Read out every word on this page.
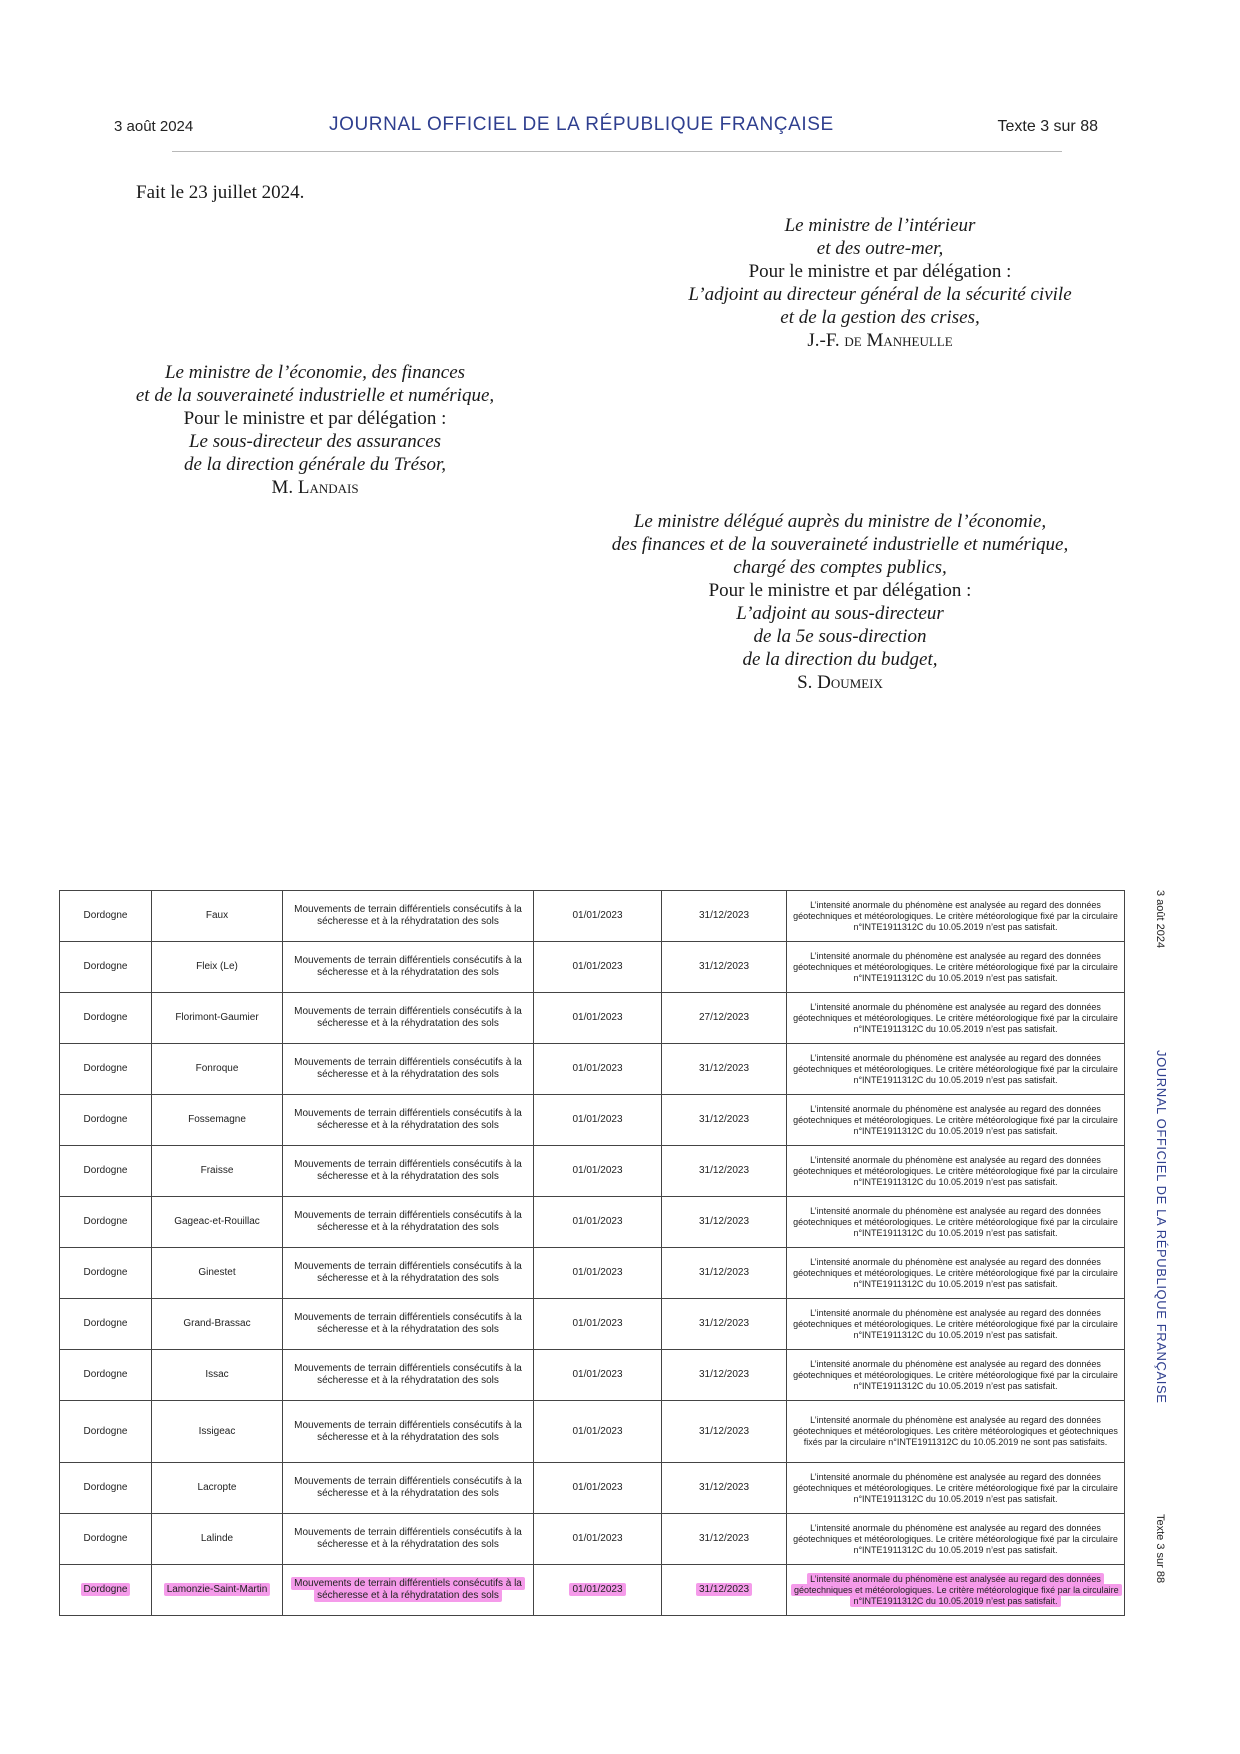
3 août 2024	JOURNAL OFFICIEL DE LA RÉPUBLIQUE FRANÇAISE	Texte 3 sur 88
Fait le 23 juillet 2024.
Le ministre de l’intérieur
et des outre-mer,
Pour le ministre et par délégation :
L’adjoint au directeur général de la sécurité civile
et de la gestion des crises,
J.-F. de Manheulle
Le ministre de l’économie, des finances
et de la souveraineté industrielle et numérique,
Pour le ministre et par délégation :
Le sous-directeur des assurances
de la direction générale du Trésor,
M. Landais
Le ministre délégué auprès du ministre de l’économie,
des finances et de la souveraineté industrielle et numérique,
chargé des comptes publics,
Pour le ministre et par délégation :
L’adjoint au sous-directeur
de la 5e sous-direction
de la direction du budget,
S. Doumeix
Dordogne	Faux	Mouvements de terrain différentiels consécutifs à la sécheresse et à la réhydratation des sols	01/01/2023	31/12/2023	L’intensité anormale du phénomène est analysée au regard des données géotechniques et météorologiques. Le critère météorologique fixé par la circulaire n°INTE1911312C du 10.05.2019 n’est pas satisfait.
Dordogne	Fleix (Le)	Mouvements de terrain différentiels consécutifs à la sécheresse et à la réhydratation des sols	01/01/2023	31/12/2023	L’intensité anormale du phénomène est analysée au regard des données géotechniques et météorologiques. Le critère météorologique fixé par la circulaire n°INTE1911312C du 10.05.2019 n’est pas satisfait.
Dordogne	Florimont-Gaumier	Mouvements de terrain différentiels consécutifs à la sécheresse et à la réhydratation des sols	01/01/2023	27/12/2023	L’intensité anormale du phénomène est analysée au regard des données géotechniques et météorologiques. Le critère météorologique fixé par la circulaire n°INTE1911312C du 10.05.2019 n’est pas satisfait.
Dordogne	Fonroque	Mouvements de terrain différentiels consécutifs à la sécheresse et à la réhydratation des sols	01/01/2023	31/12/2023	L’intensité anormale du phénomène est analysée au regard des données géotechniques et météorologiques. Le critère météorologique fixé par la circulaire n°INTE1911312C du 10.05.2019 n’est pas satisfait.
Dordogne	Fossemagne	Mouvements de terrain différentiels consécutifs à la sécheresse et à la réhydratation des sols	01/01/2023	31/12/2023	L’intensité anormale du phénomène est analysée au regard des données géotechniques et météorologiques. Le critère météorologique fixé par la circulaire n°INTE1911312C du 10.05.2019 n’est pas satisfait.
Dordogne	Fraisse	Mouvements de terrain différentiels consécutifs à la sécheresse et à la réhydratation des sols	01/01/2023	31/12/2023	L’intensité anormale du phénomène est analysée au regard des données géotechniques et météorologiques. Le critère météorologique fixé par la circulaire n°INTE1911312C du 10.05.2019 n’est pas satisfait.
Dordogne	Gageac-et-Rouillac	Mouvements de terrain différentiels consécutifs à la sécheresse et à la réhydratation des sols	01/01/2023	31/12/2023	L’intensité anormale du phénomène est analysée au regard des données géotechniques et météorologiques. Le critère météorologique fixé par la circulaire n°INTE1911312C du 10.05.2019 n’est pas satisfait.
Dordogne	Ginestet	Mouvements de terrain différentiels consécutifs à la sécheresse et à la réhydratation des sols	01/01/2023	31/12/2023	L’intensité anormale du phénomène est analysée au regard des données géotechniques et météorologiques. Le critère météorologique fixé par la circulaire n°INTE1911312C du 10.05.2019 n’est pas satisfait.
Dordogne	Grand-Brassac	Mouvements de terrain différentiels consécutifs à la sécheresse et à la réhydratation des sols	01/01/2023	31/12/2023	L’intensité anormale du phénomène est analysée au regard des données géotechniques et météorologiques. Le critère météorologique fixé par la circulaire n°INTE1911312C du 10.05.2019 n’est pas satisfait.
Dordogne	Issac	Mouvements de terrain différentiels consécutifs à la sécheresse et à la réhydratation des sols	01/01/2023	31/12/2023	L’intensité anormale du phénomène est analysée au regard des données géotechniques et météorologiques. Le critère météorologique fixé par la circulaire n°INTE1911312C du 10.05.2019 n’est pas satisfait.
Dordogne	Issigeac	Mouvements de terrain différentiels consécutifs à la sécheresse et à la réhydratation des sols	01/01/2023	31/12/2023	L’intensité anormale du phénomène est analysée au regard des données géotechniques et météorologiques. Les critère météorologiques et géotechniques fixés par la circulaire n°INTE1911312C du 10.05.2019 ne sont pas satisfaits.
Dordogne	Lacropte	Mouvements de terrain différentiels consécutifs à la sécheresse et à la réhydratation des sols	01/01/2023	31/12/2023	L’intensité anormale du phénomène est analysée au regard des données géotechniques et météorologiques. Le critère météorologique fixé par la circulaire n°INTE1911312C du 10.05.2019 n’est pas satisfait.
Dordogne	Lalinde	Mouvements de terrain différentiels consécutifs à la sécheresse et à la réhydratation des sols	01/01/2023	31/12/2023	L’intensité anormale du phénomène est analysée au regard des données géotechniques et météorologiques. Le critère météorologique fixé par la circulaire n°INTE1911312C du 10.05.2019 n’est pas satisfait.
Dordogne	Lamonzie-Saint-Martin	Mouvements de terrain différentiels consécutifs à la sécheresse et à la réhydratation des sols	01/01/2023	31/12/2023	L’intensité anormale du phénomène est analysée au regard des données géotechniques et météorologiques. Le critère météorologique fixé par la circulaire n°INTE1911312C du 10.05.2019 n’est pas satisfait.
3 août 2024
JOURNAL OFFICIEL DE LA RÉPUBLIQUE FRANÇAISE
Texte 3 sur 88
